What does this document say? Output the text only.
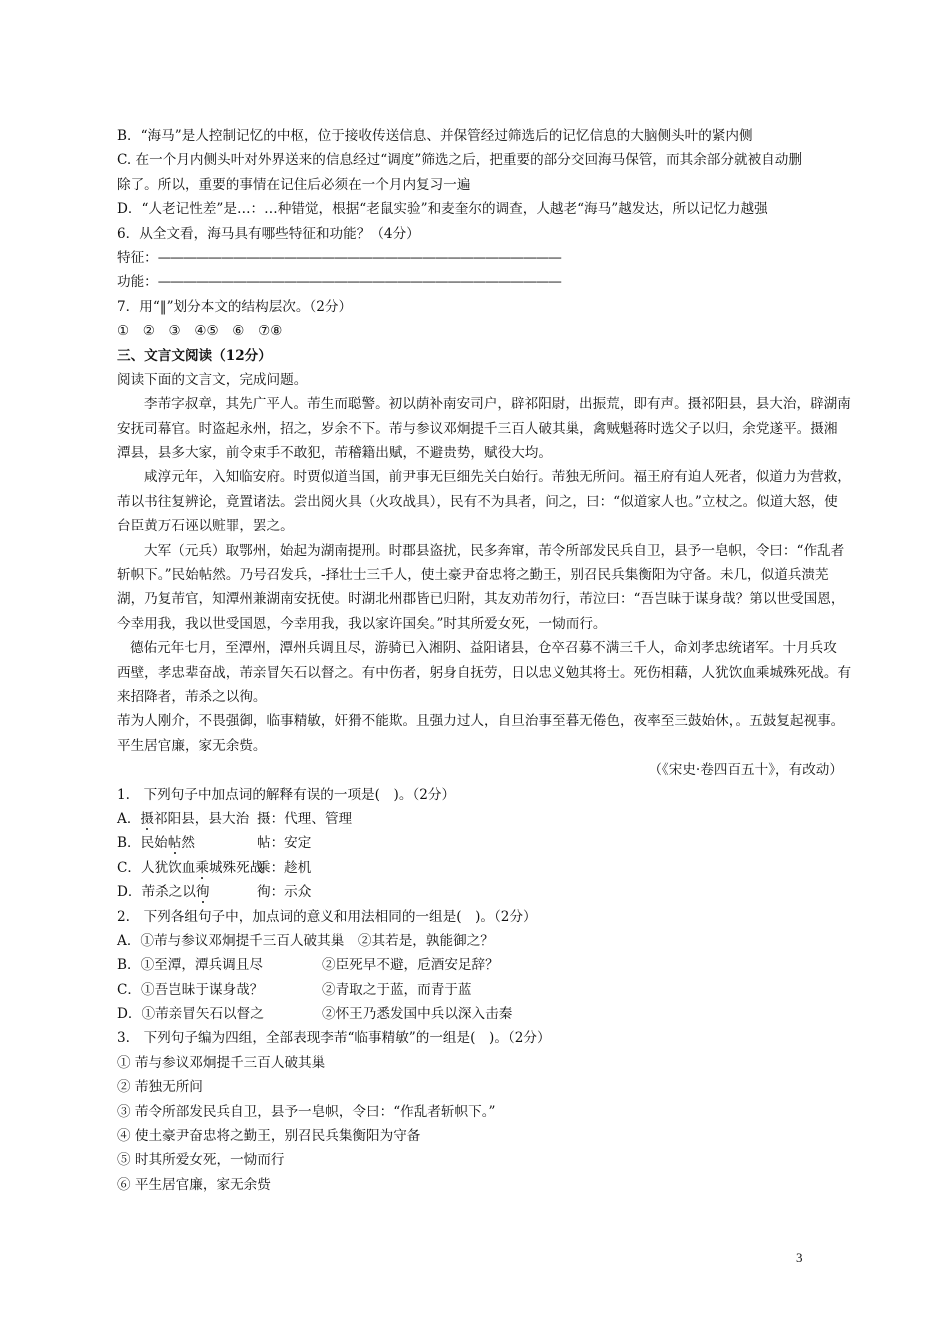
B．“海马”是人控制记忆的中枢，位于接收传送信息、并保管经过筛选后的记忆信息的大脑侧头叶的紧内侧
C. 在一个月内侧头叶对外界送来的信息经过“调度”筛选之后，把重要的部分交回海马保管，而其余部分就被自动删
除了。所以，重要的事情在记住后必须在一个月内复习一遍
D．“人老记性差”是…：…种错觉，根据“老鼠实验”和麦奎尔的调查，人越老“海马”越发达，所以记忆力越强
6．从全文看，海马具有哪些特征和功能？（4分）
特征：————————————————————————————————
功能：————————————————————————————————
7．用“‖”划分本文的结构层次。（2分）
①　②　③　④⑤　⑥　⑦⑧
三、文言文阅读（12分）
阅读下面的文言文，完成问题。
李芾字叔章，其先广平人。芾生而聪警。初以荫补南安司户，辟祁阳尉，出振荒，即有声。摄祁阳县，县大治，辟湖南
安抚司幕官。时盗起永州，招之，岁余不下。芾与参议邓炯提千三百人破其巢，禽贼魁蒋时选父子以归，余党遂平。摄湘
潭县，县多大家，前令束手不敢犯，芾稽籍出赋，不避贵势，赋役大均。
咸淳元年，入知临安府。时贾似道当国，前尹事无巨细先关白始行。芾独无所问。福王府有迫人死者，似道力为营救，
芾以书往复辨论，竟置诸法。尝出阅火具（火攻战具），民有不为具者，问之，曰：“似道家人也。”立杖之。似道大怒，使
台臣黄万石诬以赃罪，罢之。
大军（元兵）取鄂州，始起为湖南提刑。时郡县盗扰，民多奔窜，芾令所部发民兵自卫，县予一皂帜，令曰：“作乱者
斩帜下。”民始帖然。乃号召发兵，-择壮士三千人，使土豪尹奋忠将之勤王，别召民兵集衡阳为守备。未几，似道兵溃芜
湖，乃复芾官，知潭州兼湖南安抚使。时湖北州郡皆已归附，其友劝芾勿行，芾泣曰：“吾岂昧于谋身哉？第以世受国恩，
今幸用我，我以世受国恩，今幸用我，我以家许国矣。”时其所爱女死，一恸而行。
德佑元年七月，至潭州，潭州兵调且尽，游骑已入湘阴、益阳诸县，仓卒召募不满三千人，命刘孝忠统诸军。十月兵攻
西壁，孝忠辈奋战，芾亲冒矢石以督之。有中伤者，躬身自抚劳，日以忠义勉其将士。死伤相藉，人犹饮血乘城殊死战。有
来招降者，芾杀之以徇。
芾为人刚介，不畏强御，临事精敏，奸猾不能欺。且强力过人，自旦治事至暮无倦色，夜率至三鼓始休，。五鼓复起视事。
平生居官廉，家无余赀。
（《宋史·卷四百五十》，有改动）
1.　下列句子中加点词的解释有误的一项是(　)。（2分）
A．摄祁阳县，县大治 摄：代理、管理
B．民始帖然	帖：安定
C．人犹饮血乘城殊死战乘：趁机
D．芾杀之以徇	徇：示众
2.　下列各组句子中，加点词的意义和用法相同的一组是(　)。（2分）
A．①芾与参议邓炯提千三百人破其巢　 ②其若是，孰能御之？
B．①至潭，潭兵调且尽	②臣死早不避，卮酒安足辞？
C．①吾岂昧于谋身哉？	②青取之于蓝，而青于蓝
D．①芾亲冒矢石以督之	②怀王乃悉发国中兵以深入击秦
3.　下列句子编为四组，全部表现李芾“临事精敏”的一组是(　)。（2分）
① 芾与参议邓炯提千三百人破其巢
② 芾独无所问
③ 芾令所部发民兵自卫，县予一皂帜，令曰：“作乱者斩帜下。”
④ 使土豪尹奋忠将之勤王，别召民兵集衡阳为守备
⑤ 时其所爱女死，一恸而行
⑥ 平生居官廉，家无余赀
3
